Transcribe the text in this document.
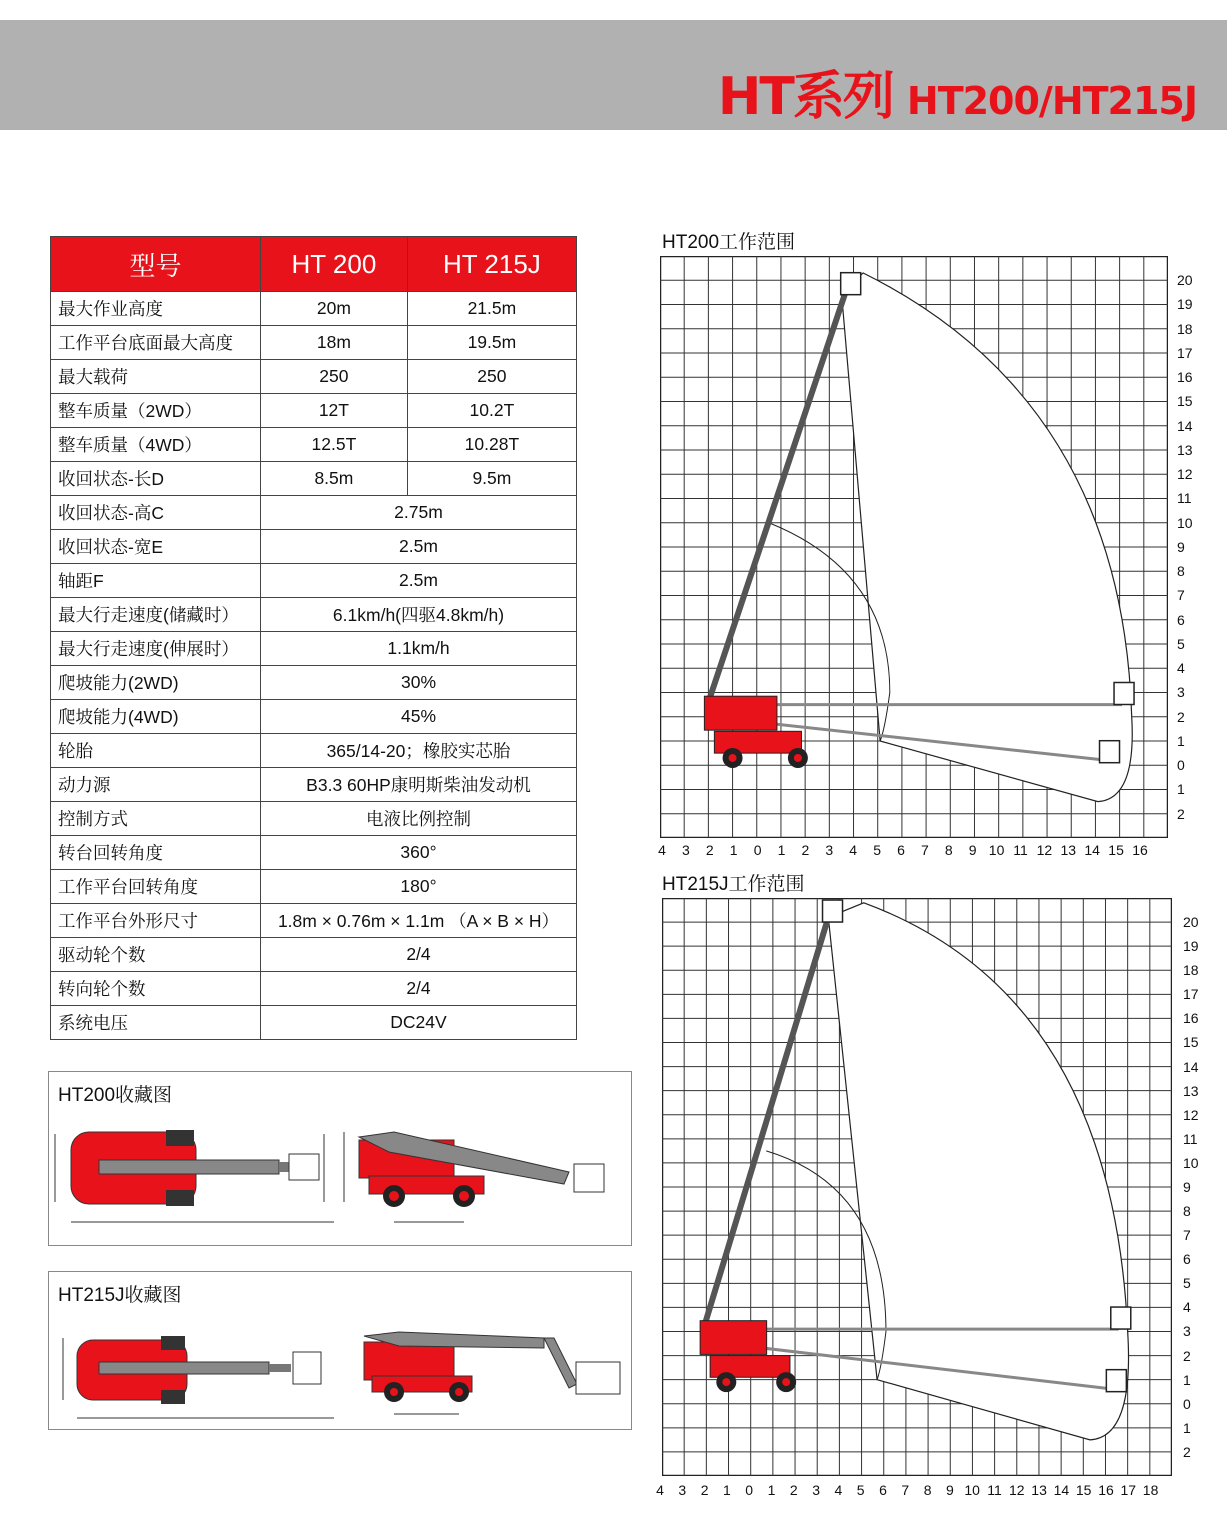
HT系列 HT200/HT215J
型号	HT 200	HT 215J
最大作业高度	20m	21.5m
工作平台底面最大高度	18m	19.5m
最大载荷	250	250
整车质量（2WD）	12T	10.2T
整车质量（4WD）	12.5T	10.28T
收回状态-长D	8.5m	9.5m
收回状态-高C	2.75m	
收回状态-宽E	2.5m	
轴距F	2.5m	
最大行走速度(储藏时）	6.1km/h(四驱4.8km/h)	
最大行走速度(伸展时）	1.1km/h	
爬坡能力(2WD)	30%	
爬坡能力(4WD)	45%	
轮胎	365/14-20；橡胶实芯胎	
动力源	B3.3 60HP康明斯柴油发动机	
控制方式	电液比例控制	
转台回转角度	360°	
工作平台回转角度	180°	
工作平台外形尺寸	1.8m × 0.76m × 1.1m （A × B × H）	
驱动轮个数	2/4	
转向轮个数	2/4	
系统电压	DC24V	
HT200收藏图
HT215J收藏图
HT200工作范围
20
19
18
17
16
15
14
13
12
11
10
9
8
7
6
5
4
3
2
1
0
1
2
4	3	2	1	0	1	2	3	4	5	6	7	8	9 10 11 12 13 14 15 16
HT215J工作范围
20
19
18
17
16
15
14
13
12
11
10
9
8
7
6
5
4
3
2
1
0
1
2
4	3	2	1	0	1	2	3	4	5	6	7	8	9 10 11 12 13 14 15 16 17 18
